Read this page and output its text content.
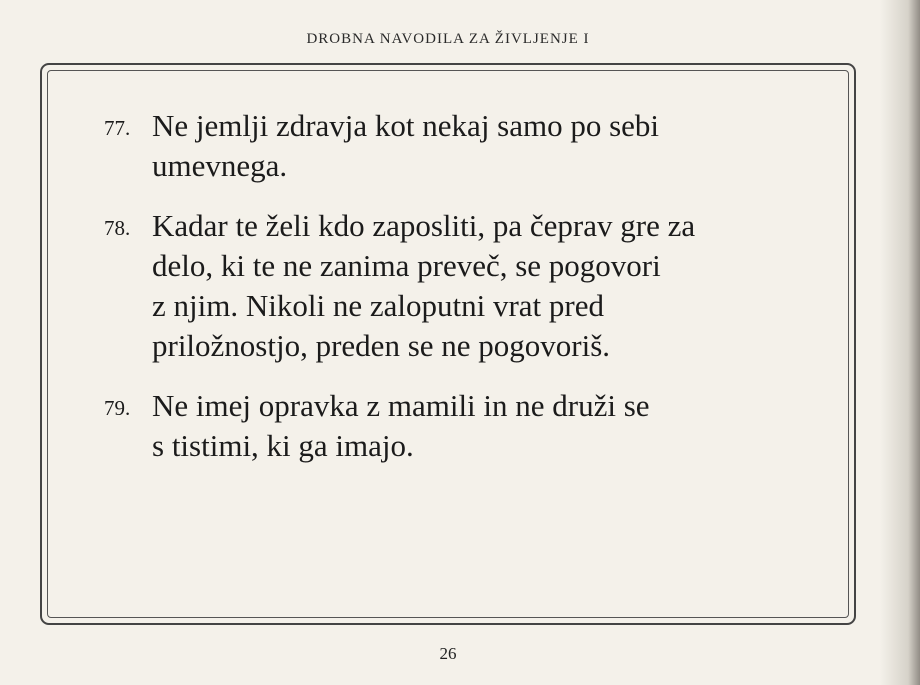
DROBNA NAVODILA ZA ŽIVLJENJE I
77. Ne jemlji zdravja kot nekaj samo po sebi
umevnega.
78. Kadar te želi kdo zaposliti, pa čeprav gre za
delo, ki te ne zanima preveč, se pogovori
z njim. Nikoli ne zaloputni vrat pred
priložnostjo, preden se ne pogovoriš.
79. Ne imej opravka z mamili in ne druži se
s tistimi, ki ga imajo.
26
